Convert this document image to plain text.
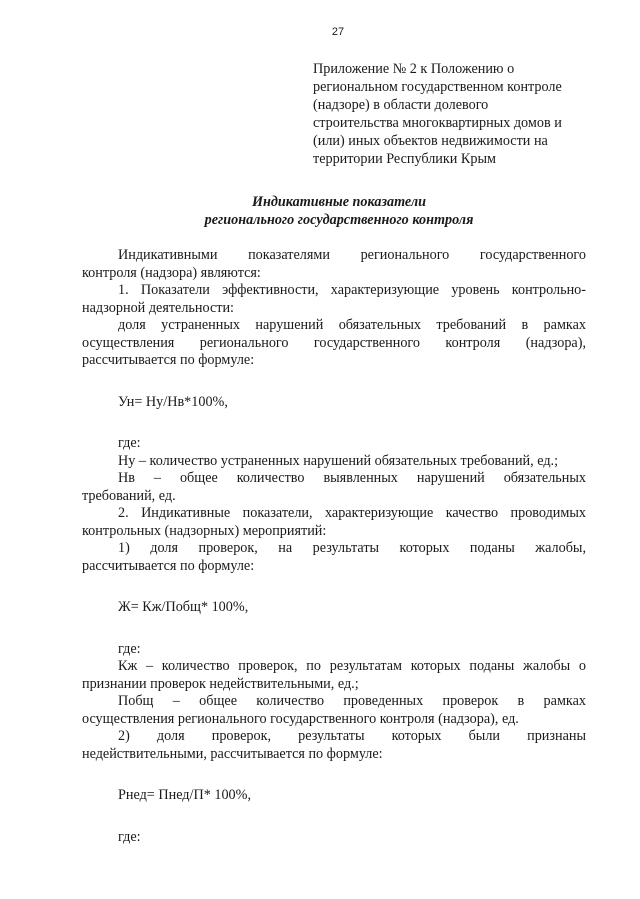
27
Приложение № 2 к Положению о
региональном государственном контроле
(надзоре) в области долевого
строительства многоквартирных домов и
(или) иных объектов недвижимости на
территории Республики Крым
Индикативные показатели
регионального государственного контроля

Индикативными показателями регионального государственного

контроля (надзора) являются:

1. Показатели эффективности, характеризующие уровень контрольно-

надзорной деятельности:

доля устраненных нарушений обязательных требований в рамках

осуществления регионального государственного контроля (надзора),

рассчитывается по формуле:

Ун= Ну/Нв*100%,

где:

Ну – количество устраненных нарушений обязательных требований, ед.;

Нв – общее количество выявленных нарушений обязательных

требований, ед.

2. Индикативные показатели, характеризующие качество проводимых

контрольных (надзорных) мероприятий:

1) доля проверок, на результаты которых поданы жалобы,

рассчитывается по формуле:

Ж= Кж/Побщ* 100%,

где:

Кж – количество проверок, по результатам которых поданы жалобы о

признании проверок недействительными, ед.;

Побщ – общее количество проведенных проверок в рамках

осуществления регионального государственного контроля (надзора), ед.

2) доля проверок, результаты которых были признаны

недействительными, рассчитывается по формуле:

Рнед= Пнед/П* 100%,

где:
